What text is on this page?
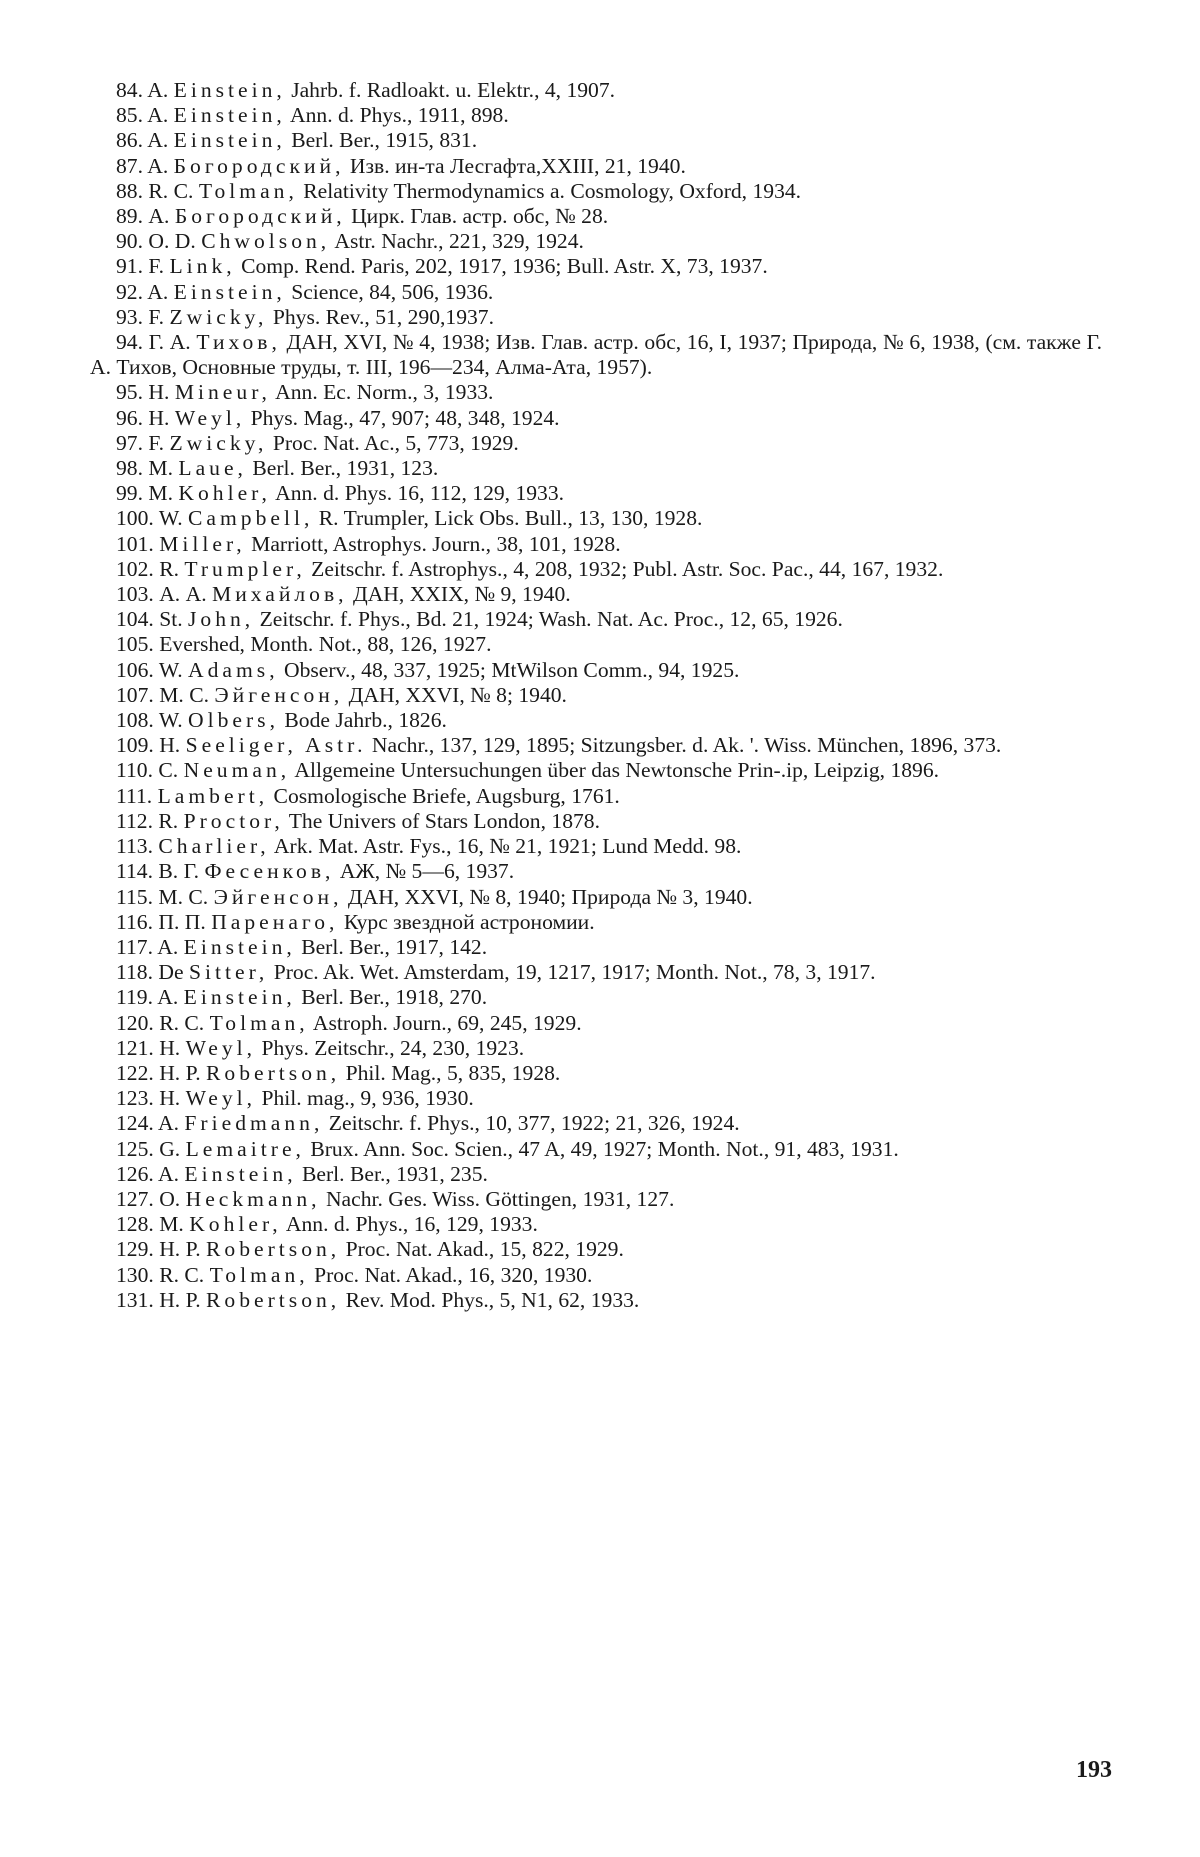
84. A. Einstein, Jahrb. f. Radloakt. u. Elektr., 4, 1907.

85. A. Einstein, Ann. d. Phys., 1911, 898.

86. A. Einstein, Berl. Ber., 1915, 831.

87. A. Богородский, Изв. ин-та Лесгафта,XXIII, 21, 1940.

88. R. C. Tolman, Relativity Thermodynamics a. Cosmology, Oxford, 1934.

89. А. Богородский, Цирк. Глав. астр. обс, № 28.

90. O. D. Chwolson, Astr. Nachr., 221, 329, 1924.

91. F. Link, Comp. Rend. Paris, 202, 1917, 1936; Bull. Astr. X, 73, 1937.

92. A. Einstein, Science, 84, 506, 1936.

93. F. Zwicky, Phys. Rev., 51, 290,1937.

94. Г. А. Тихов, ДАН, XVI, № 4, 1938; Изв. Глав. астр. обс, 16, I, 1937; Природа, № 6, 1938, (см. также Г. А. Тихов, Основные труды, т. III, 196—234, Алма-Ата, 1957).

95. H. Mineur, Ann. Ec. Norm., 3, 1933.

96. H. Weyl, Phys. Mag., 47, 907; 48, 348, 1924.

97. F. Zwicky, Proc. Nat. Ac., 5, 773, 1929.

98. M. Laue, Berl. Ber., 1931, 123.

99. M. Kohler, Ann. d. Phys. 16, 112, 129, 1933.

100. W. Campbell, R. Trumpler, Lick Obs. Bull., 13, 130, 1928.

101. Miller, Marriott, Astrophys. Journ., 38, 101, 1928.

102. R. Trumpler, Zeitschr. f. Astrophys., 4, 208, 1932; Publ. Astr. Soc. Pac., 44, 167, 1932.

103. А. А. Михайлов, ДАН, XXIX, № 9, 1940.

104. St. John, Zeitschr. f. Phys., Bd. 21, 1924; Wash. Nat. Ac. Proc., 12, 65, 1926.

105. Evershed, Month. Not., 88, 126, 1927.

106. W. Adams, Observ., 48, 337, 1925; MtWilson Comm., 94, 1925.

107. M. C. Эйгенсон, ДАН, XXVI, № 8; 1940.

108. W. Olbers, Bode Jahrb., 1826.

109. H. Seeliger, Astr. Nachr., 137, 129, 1895; Sitzungsber. d. Ak. '. Wiss. München, 1896, 373.

110. C. Neuman, Allgemeine Untersuchungen über das Newtonsche Prin-.ip, Leipzig, 1896.

111. Lambert, Cosmologische Briefe, Augsburg, 1761.

112. R. Proctor, The Univers of Stars London, 1878.

113. Charlier, Ark. Mat. Astr. Fys., 16, № 21, 1921; Lund Medd. 98.

114. В. Г. Фесенков, АЖ, № 5—6, 1937.

115. М. С. Эйгенсон, ДАН, XXVI, № 8, 1940; Природа № 3, 1940.

116. П. П. Паренаго, Курс звездной астрономии.

117. A. Einstein, Berl. Ber., 1917, 142.

118. De Sitter, Proc. Ak. Wet. Amsterdam, 19, 1217, 1917; Month. Not., 78, 3, 1917.

119. A. Einstein, Berl. Ber., 1918, 270.

120. R. C. Tolman, Astroph. Journ., 69, 245, 1929.

121. H. Weyl, Phys. Zeitschr., 24, 230, 1923.

122. H. P. Robertson, Phil. Mag., 5, 835, 1928.

123. H. Weyl, Phil. mag., 9, 936, 1930.

124. A. Friedmann, Zeitschr. f. Phys., 10, 377, 1922; 21, 326, 1924.

125. G. Lemaitre, Brux. Ann. Soc. Scien., 47 A, 49, 1927; Month. Not., 91, 483, 1931.

126. A. Einstein, Berl. Ber., 1931, 235.

127. O. Heckmann, Nachr. Ges. Wiss. Göttingen, 1931, 127.

128. M. Kohler, Ann. d. Phys., 16, 129, 1933.

129. H. P. Robertson, Proc. Nat. Akad., 15, 822, 1929.

130. R. C. Tolman, Proc. Nat. Akad., 16, 320, 1930.

131. H. P. Robertson, Rev. Mod. Phys., 5, N1, 62, 1933.

193
